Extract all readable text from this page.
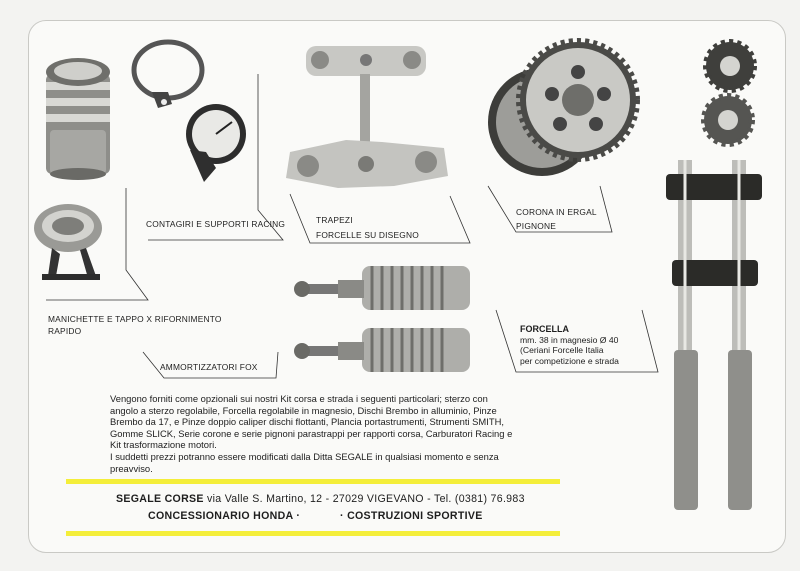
CONTAGIRI E SUPPORTI RACING	TRAPEZI
FORCELLE SU DISEGNO
CORONA IN ERGAL
PIGNONE
MANICHETTE E TAPPO X RIFORNIMENTO
RAPIDO
AMMORTIZZATORI FOX
FORCELLA
mm. 38 in magnesio Ø 40
(Ceriani Forcelle Italia
per competizione e strada
Vengono forniti come opzionali sui nostri Kit corsa e strada i seguenti particolari; sterzo con
angolo a sterzo regolabile, Forcella regolabile in magnesio, Dischi Brembo in alluminio, Pinze
Brembo da 17, e Pinze doppio caliper dischi flottanti, Plancia portastrumenti, Strumenti SMITH,
Gomme SLICK, Serie corone e serie pignoni parastrappi per rapporti corsa, Carburatori Racing e
Kit trasformazione motori.
I suddetti prezzi potranno essere modificati dalla Ditta SEGALE in qualsiasi momento e senza
preavviso.
SEGALE CORSE via Valle S. Martino, 12 - 27029 VIGEVANO - Tel. (0381) 76.983
CONCESSIONARIO HONDA ·	· COSTRUZIONI SPORTIVE
